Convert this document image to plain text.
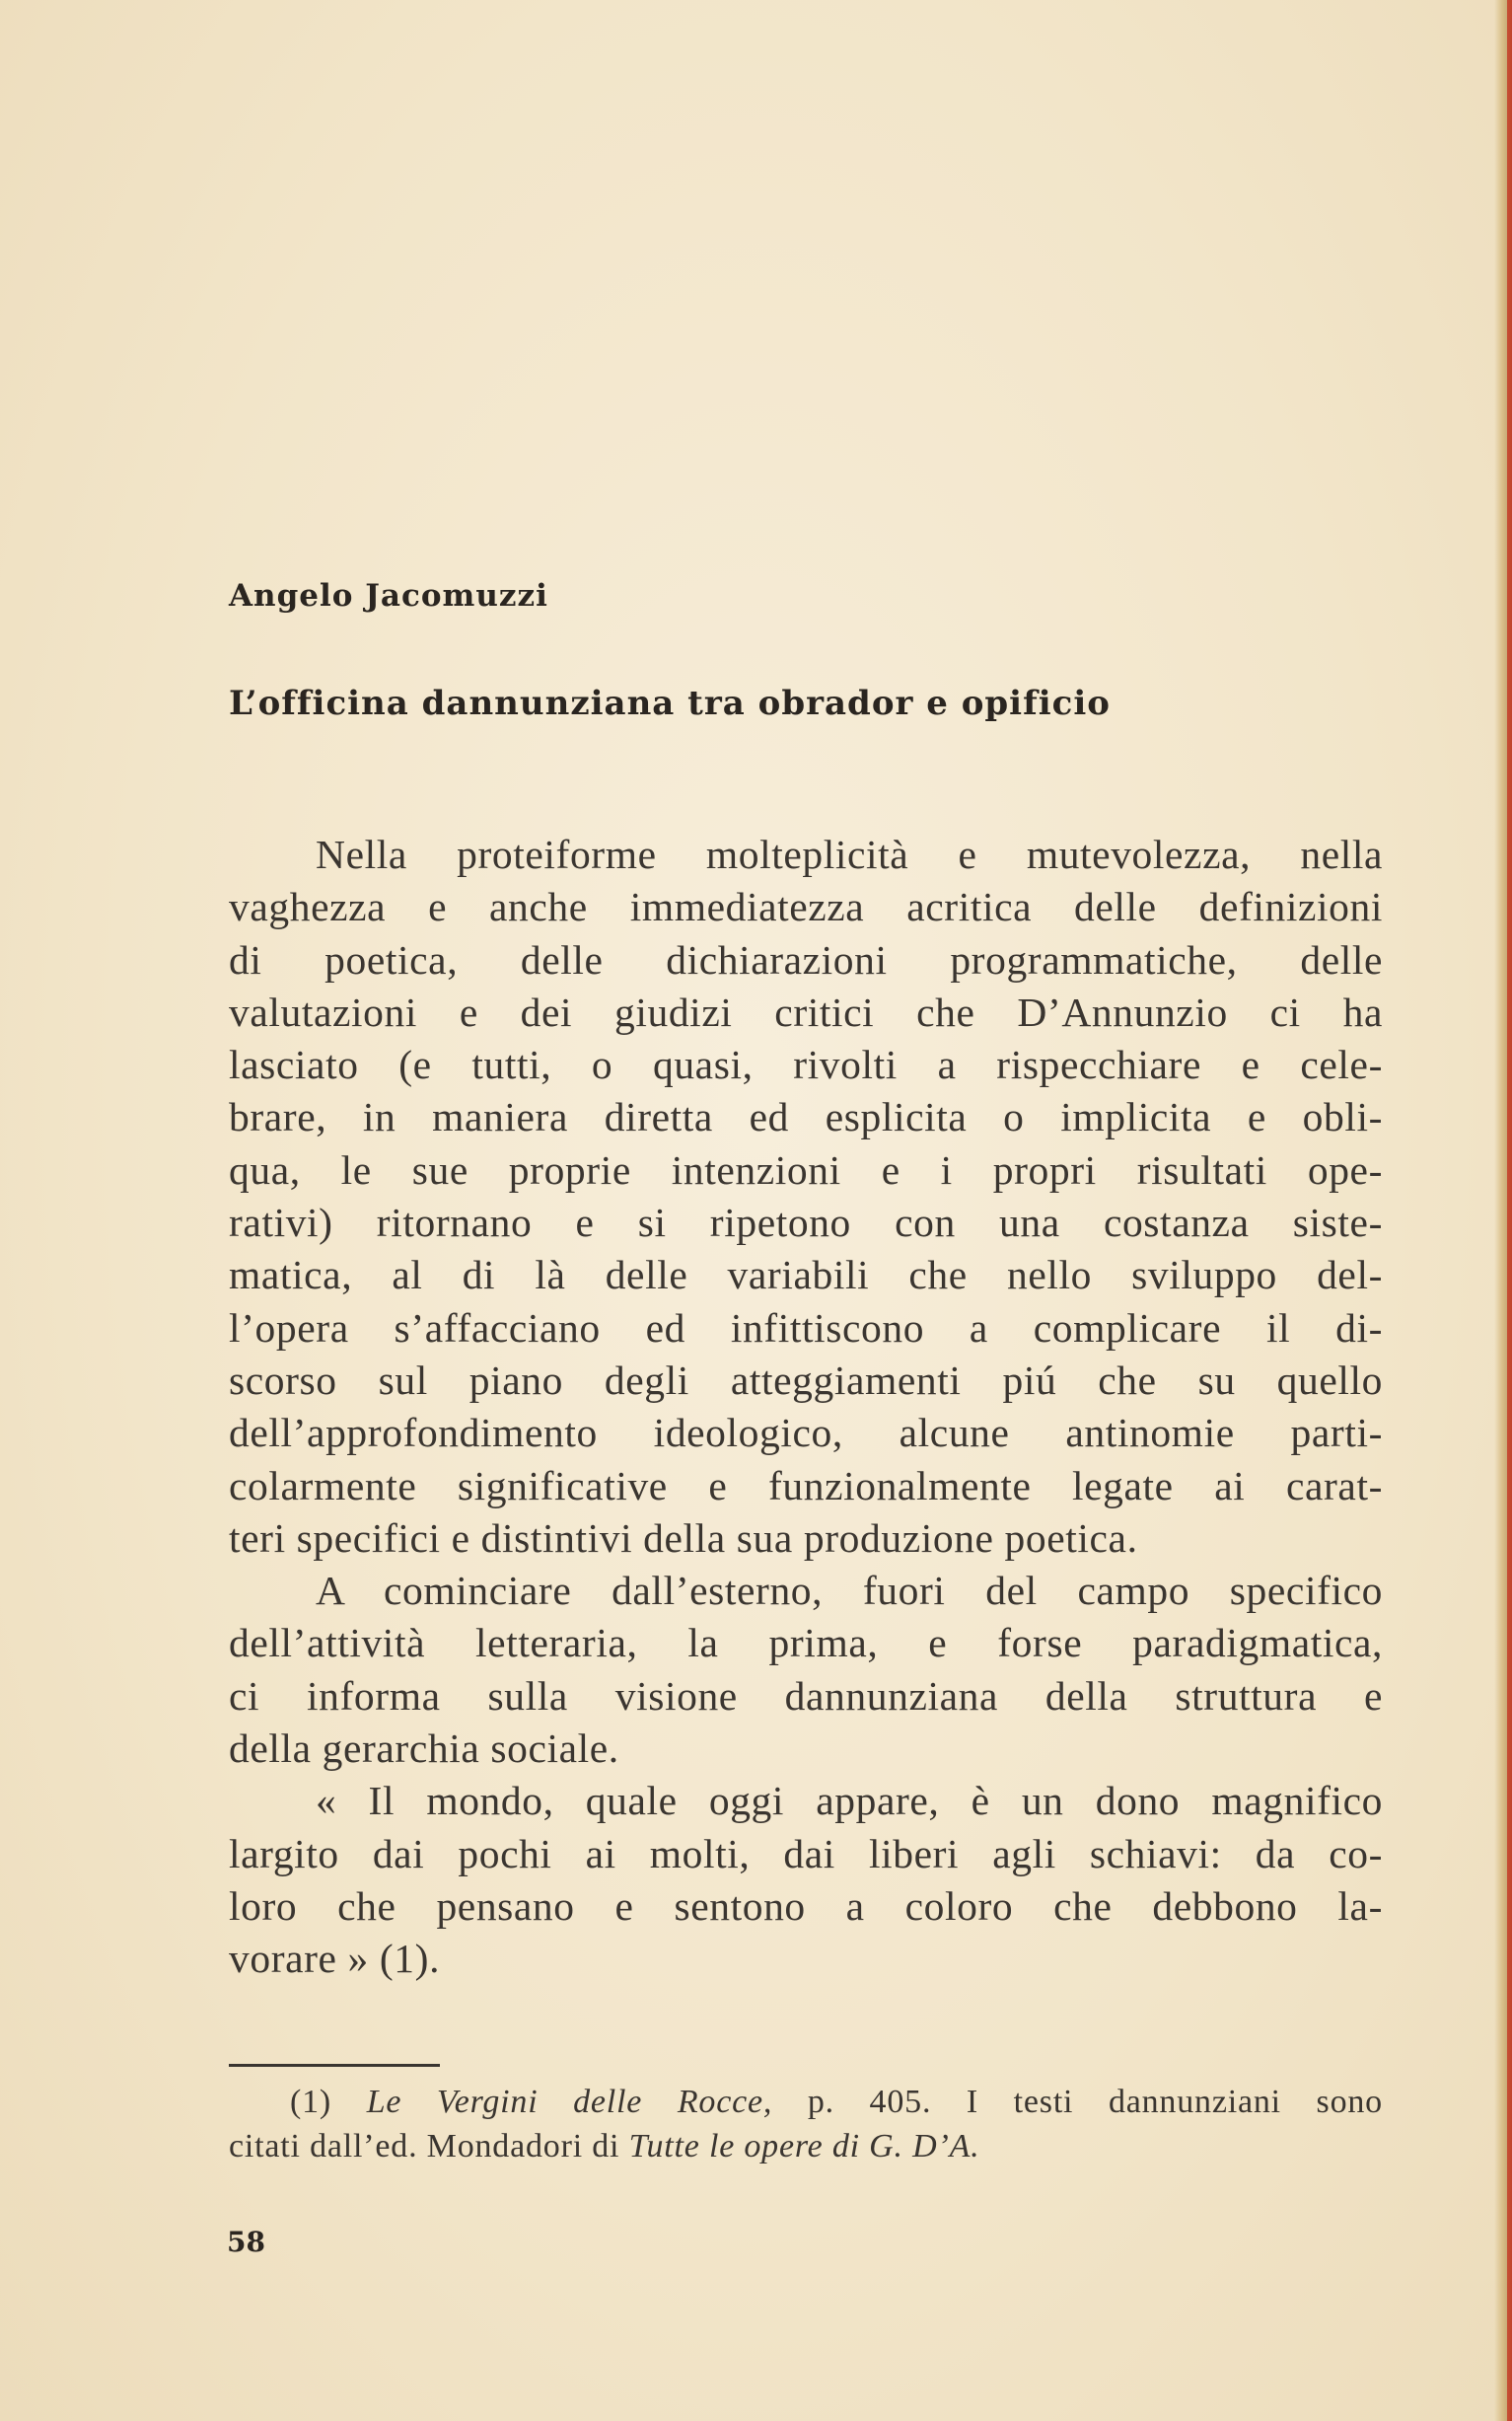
Angelo Jacomuzzi
L’officina dannunziana tra obrador e opificio
Nella proteiforme molteplicità e mutevolezza, nella
vaghezza e anche immediatezza acritica delle definizioni
di poetica, delle dichiarazioni programmatiche, delle
valutazioni e dei giudizi critici che D’Annunzio ci ha
lasciato (e tutti, o quasi, rivolti a rispecchiare e cele-
brare, in maniera diretta ed esplicita o implicita e obli-
qua, le sue proprie intenzioni e i propri risultati ope-
rativi) ritornano e si ripetono con una costanza siste-
matica, al di là delle variabili che nello sviluppo del-
l’opera s’affacciano ed infittiscono a complicare il di-
scorso sul piano degli atteggiamenti piú che su quello
dell’approfondimento ideologico, alcune antinomie parti-
colarmente significative e funzionalmente legate ai carat-
teri specifici e distintivi della sua produzione poetica.
A cominciare dall’esterno, fuori del campo specifico
dell’attività letteraria, la prima, e forse paradigmatica,
ci informa sulla visione dannunziana della struttura e
della gerarchia sociale.
« Il mondo, quale oggi appare, è un dono magnifico
largito dai pochi ai molti, dai liberi agli schiavi: da co-
loro che pensano e sentono a coloro che debbono la-
vorare » (1).
(1) Le Vergini delle Rocce, p. 405. I testi dannunziani sono
citati dall’ed. Mondadori di Tutte le opere di G. D’A.
58
